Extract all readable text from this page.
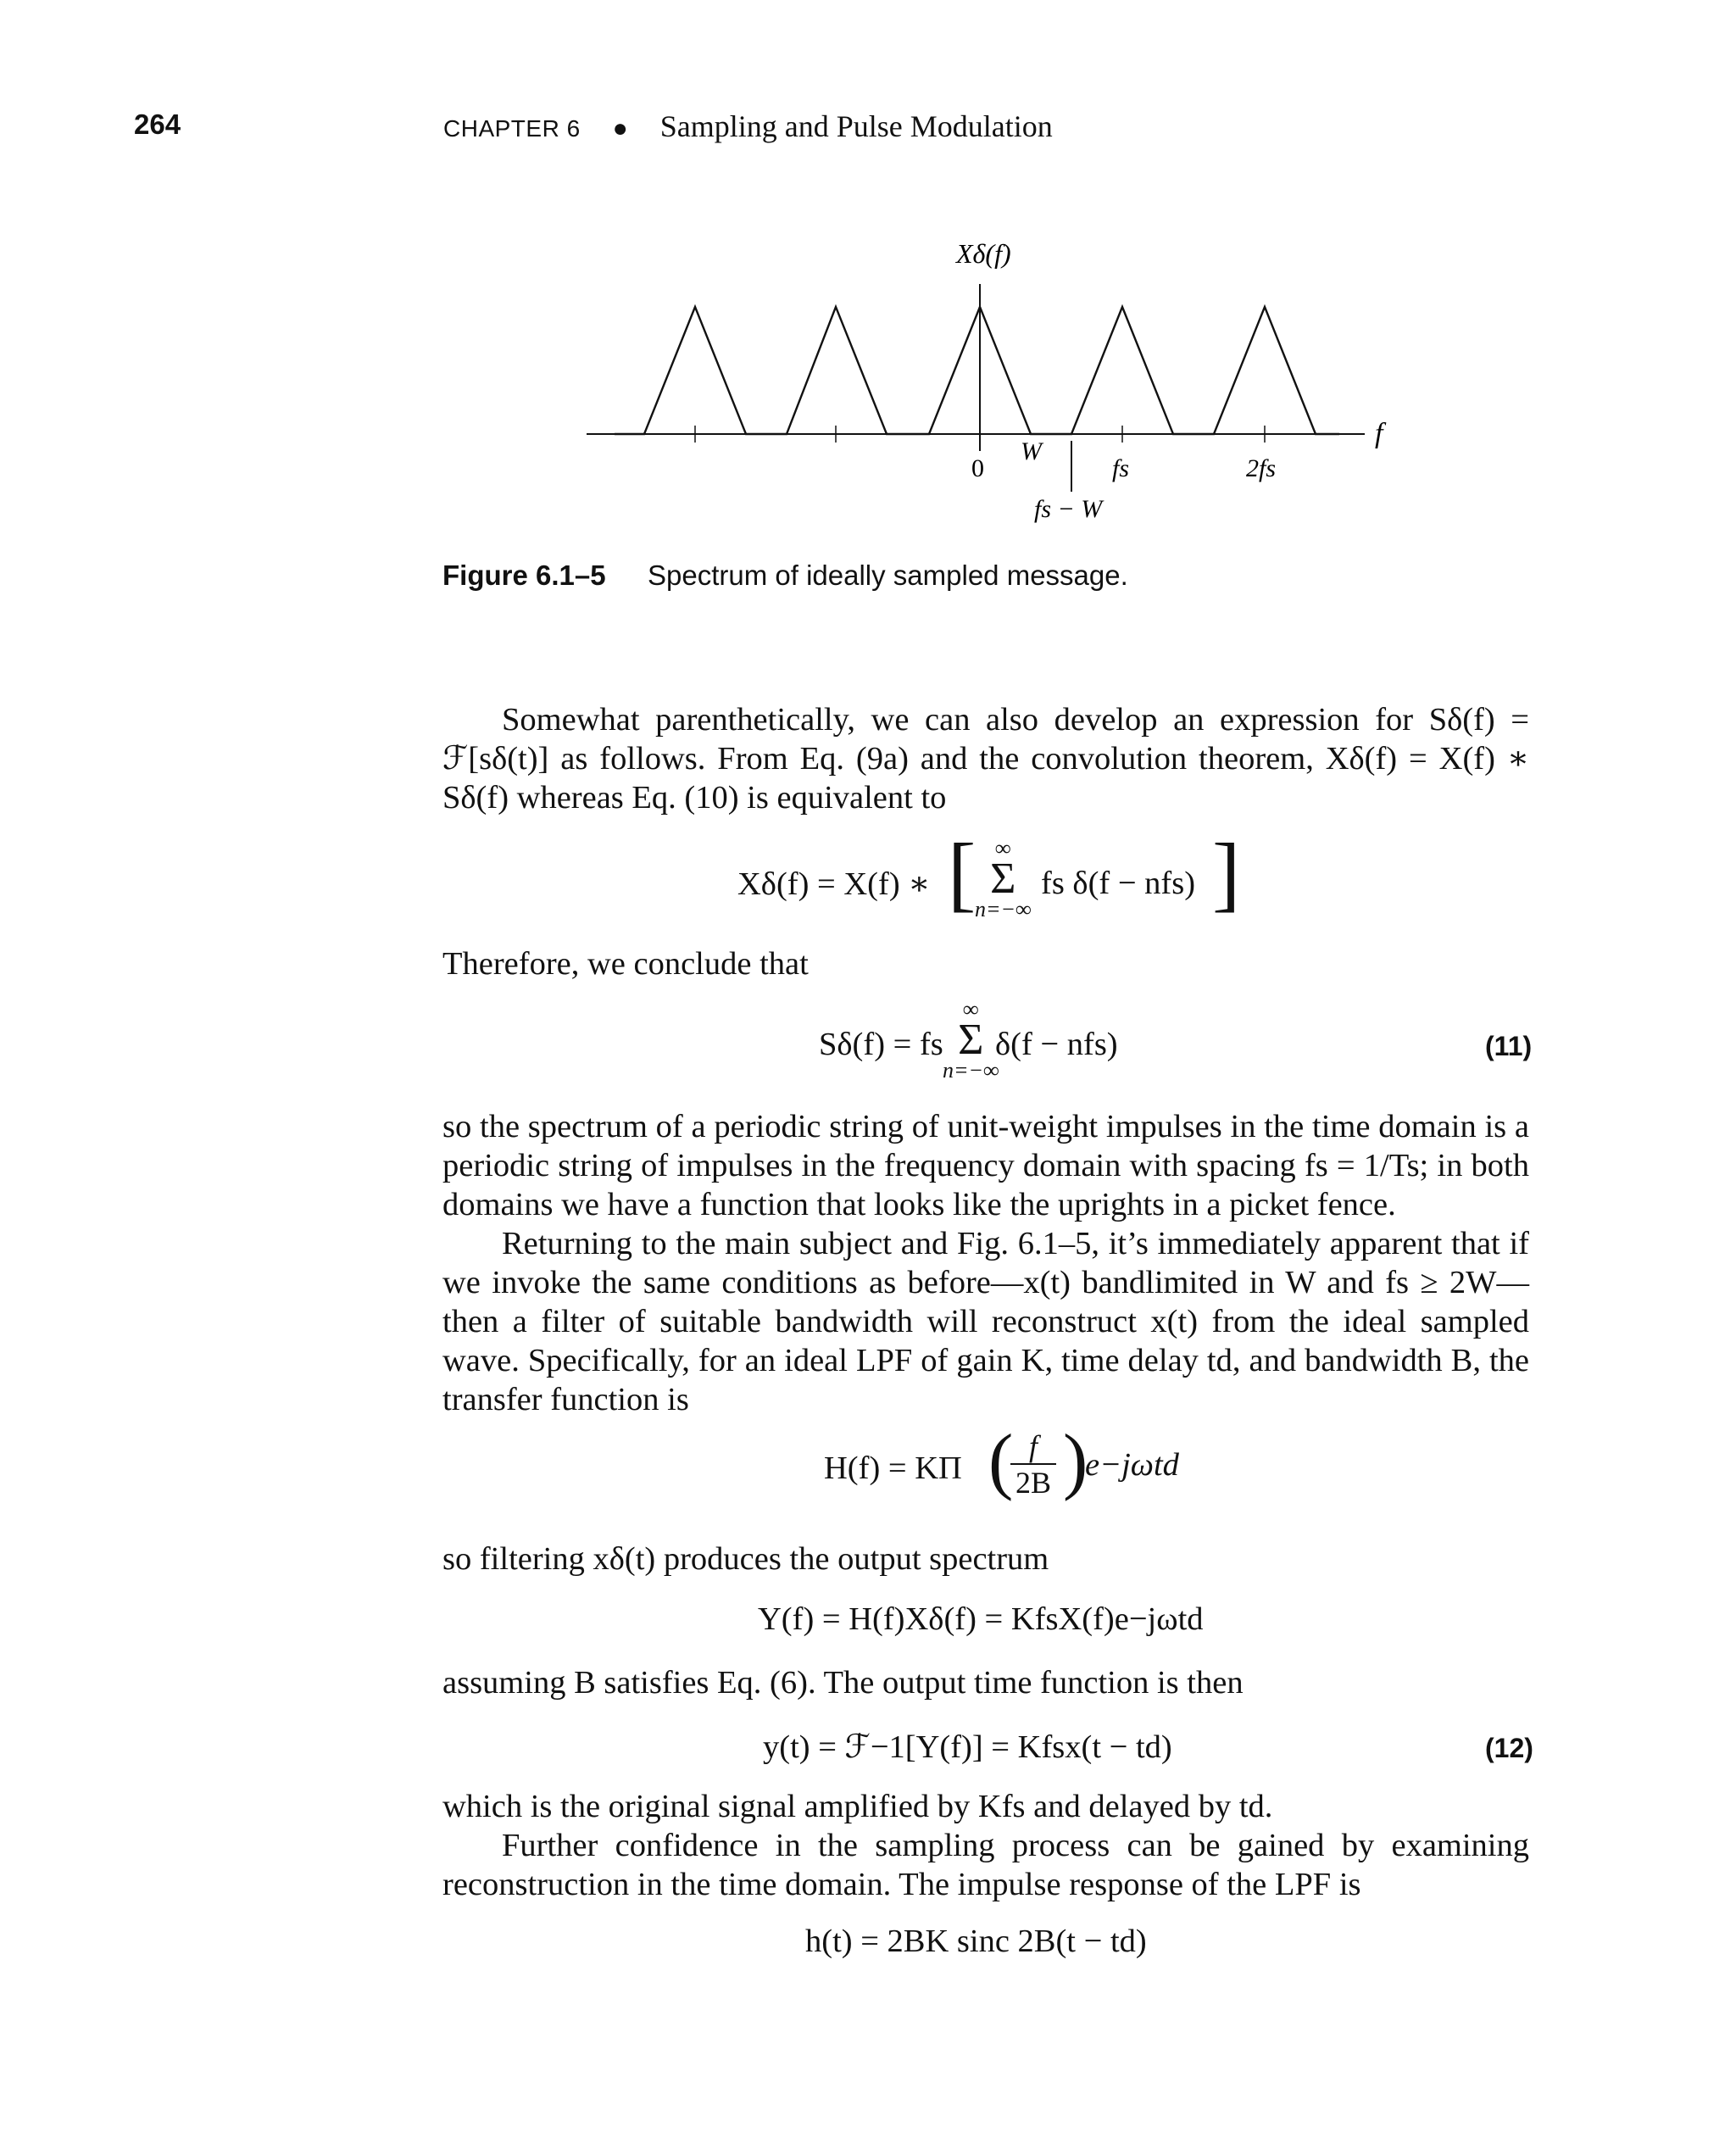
264	CHAPTER 6 ● Sampling and Pulse Modulation
Xδ(f)
f
0
W
fs	2fs
fs − W
Figure 6.1–5 Spectrum of ideally sampled message.
Somewhat parenthetically, we can also develop an expression for Sδ(f) = ℱ[sδ(t)] as follows. From Eq. (9a) and the convolution theorem, Xδ(f) = X(f) ∗ Sδ(f) whereas Eq. (10) is equivalent to
Xδ(f) = X(f) ∗ [ ∞
Σ
n=−∞
fs δ(f − nfs) ]
Therefore, we conclude that
Sδ(f) = fs
∞
Σ
n=−∞
δ(f − nfs)	(11)
so the spectrum of a periodic string of unit-weight impulses in the time domain is a periodic string of impulses in the frequency domain with spacing fs = 1/Ts; in both domains we have a function that looks like the uprights in a picket fence.
Returning to the main subject and Fig. 6.1–5, it’s immediately apparent that if we invoke the same conditions as before—x(t) bandlimited in W and fs ≥ 2W—then a filter of suitable bandwidth will reconstruct x(t) from the ideal sampled wave. Specifically, for an ideal LPF of gain K, time delay td, and bandwidth B, the transfer function is
H(f) = KΠ (
$\frac{f}{2B}$ )
e−jωtd
so filtering xδ(t) produces the output spectrum
Y(f) = H(f)Xδ(f) = KfsX(f)e−jωtd
assuming B satisfies Eq. (6). The output time function is then
y(t) = ℱ−1[Y(f)] = Kfsx(t − td)	(12)
which is the original signal amplified by Kfs and delayed by td.
Further confidence in the sampling process can be gained by examining reconstruction in the time domain. The impulse response of the LPF is
h(t) = 2BK sinc 2B(t − td)
